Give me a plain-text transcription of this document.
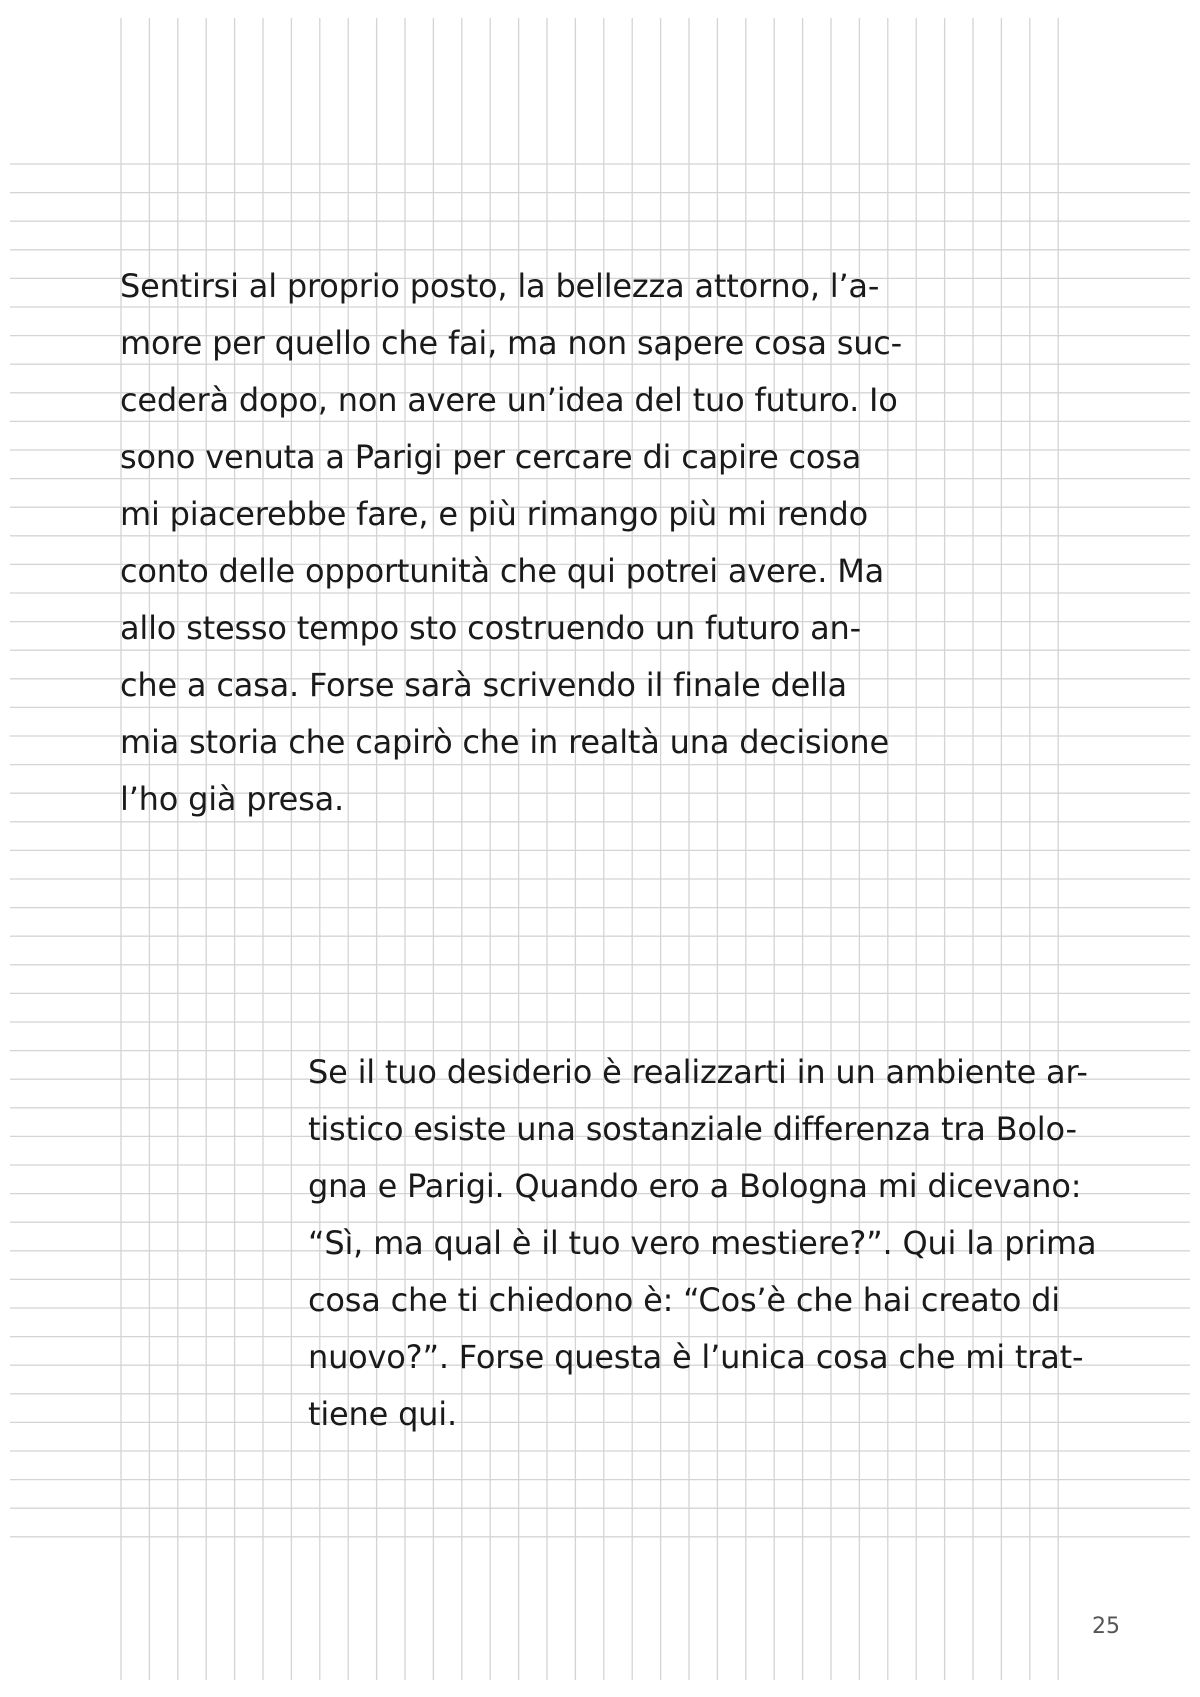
Sentirsi al proprio posto, la bellezza attorno, l’a-
more per quello che fai, ma non sapere cosa suc-
cederà dopo, non avere un’idea del tuo futuro. Io
sono venuta a Parigi per cercare di capire cosa
mi piacerebbe fare, e più rimango più mi rendo
conto delle opportunità che qui potrei avere. Ma
allo stesso tempo sto costruendo un futuro an-
che a casa. Forse sarà scrivendo il finale della
mia storia che capirò che in realtà una decisione
l’ho già presa.
Se il tuo desiderio è realizzarti in un ambiente ar-
tistico esiste una sostanziale differenza tra Bolo-
gna e Parigi. Quando ero a Bologna mi dicevano:
“Sì, ma qual è il tuo vero mestiere?”. Qui la prima
cosa che ti chiedono è: “Cos’è che hai creato di
nuovo?”. Forse questa è l’unica cosa che mi trat-
tiene qui.
25
